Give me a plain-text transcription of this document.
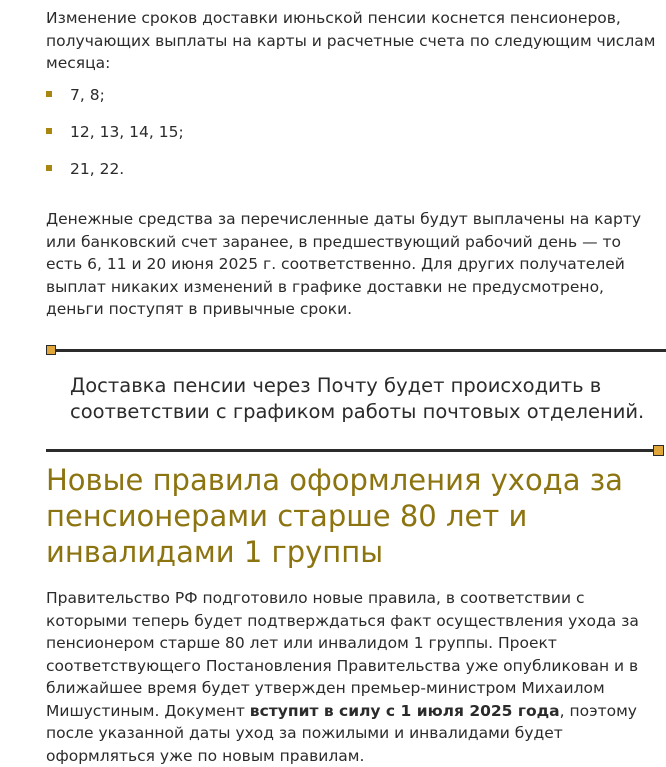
Изменение сроков доставки июньской пенсии коснется пенсионеров, получающих выплаты на карты и расчетные счета по следующим числам месяца:

7, 8;
12, 13, 14, 15;
21, 22.

Денежные средства за перечисленные даты будут выплачены на карту или банковский счет заранее, в предшествующий рабочий день — то есть 6, 11 и 20 июня 2025 г. соответственно. Для других получателей выплат никаких изменений в графике доставки не предусмотрено, деньги поступят в привычные сроки.

Доставка пенсии через Почту будет происходить в соответствии с графиком работы почтовых отделений.
Новые правила оформления ухода за пенсионерами старше 80 лет и инвалидами 1 группы

Правительство РФ подготовило новые правила, в соответствии с которыми теперь будет подтверждаться факт осуществления ухода за пенсионером старше 80 лет или инвалидом 1 группы. Проект соответствующего Постановления Правительства уже опубликован и в ближайшее время будет утвержден премьер-министром Михаилом Мишустиным. Документ вступит в силу с 1 июля 2025 года, поэтому после указанной даты уход за пожилыми и инвалидами будет оформляться уже по новым правилам.
